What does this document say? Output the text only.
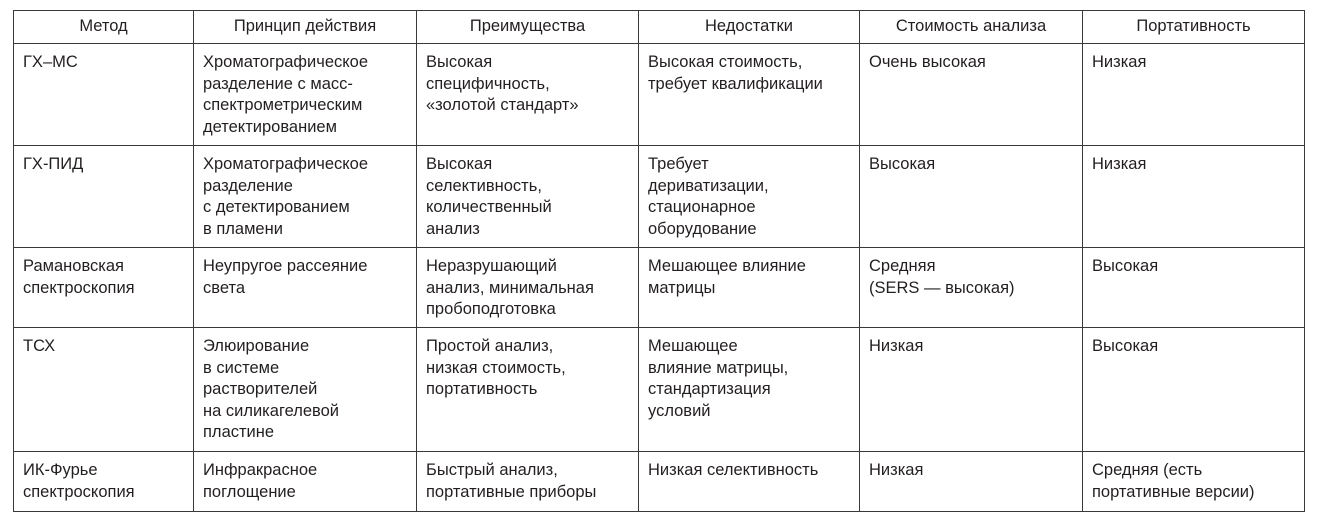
Метод	Принцип действия	Преимущества	Недостатки	Стоимость анализа	Портативность
ГХ–МС	Хроматографическое
разделение с масс-
спектрометрическим
детектированием	Высокая
специфичность,
«золотой стандарт»	Высокая стоимость,
требует квалификации	Очень высокая	Низкая
ГХ-ПИД	Хроматографическое
разделение
с детектированием
в пламени	Высокая
селективность,
количественный
анализ	Требует
дериватизации,
стационарное
оборудование	Высокая	Низкая
Рамановская
спектроскопия	Неупругое рассеяние
света	Неразрушающий
анализ, минимальная
пробоподготовка	Мешающее влияние
матрицы	Средняя
(SERS — высокая)	Высокая
ТСХ	Элюирование
в системе
растворителей
на силикагелевой
пластине	Простой анализ,
низкая стоимость,
портативность	Мешающее
влияние матрицы,
стандартизация
условий	Низкая	Высокая
ИК-Фурье
спектроскопия	Инфракрасное
поглощение	Быстрый анализ,
портативные приборы	Низкая селективность	Низкая	Средняя (есть
портативные версии)
